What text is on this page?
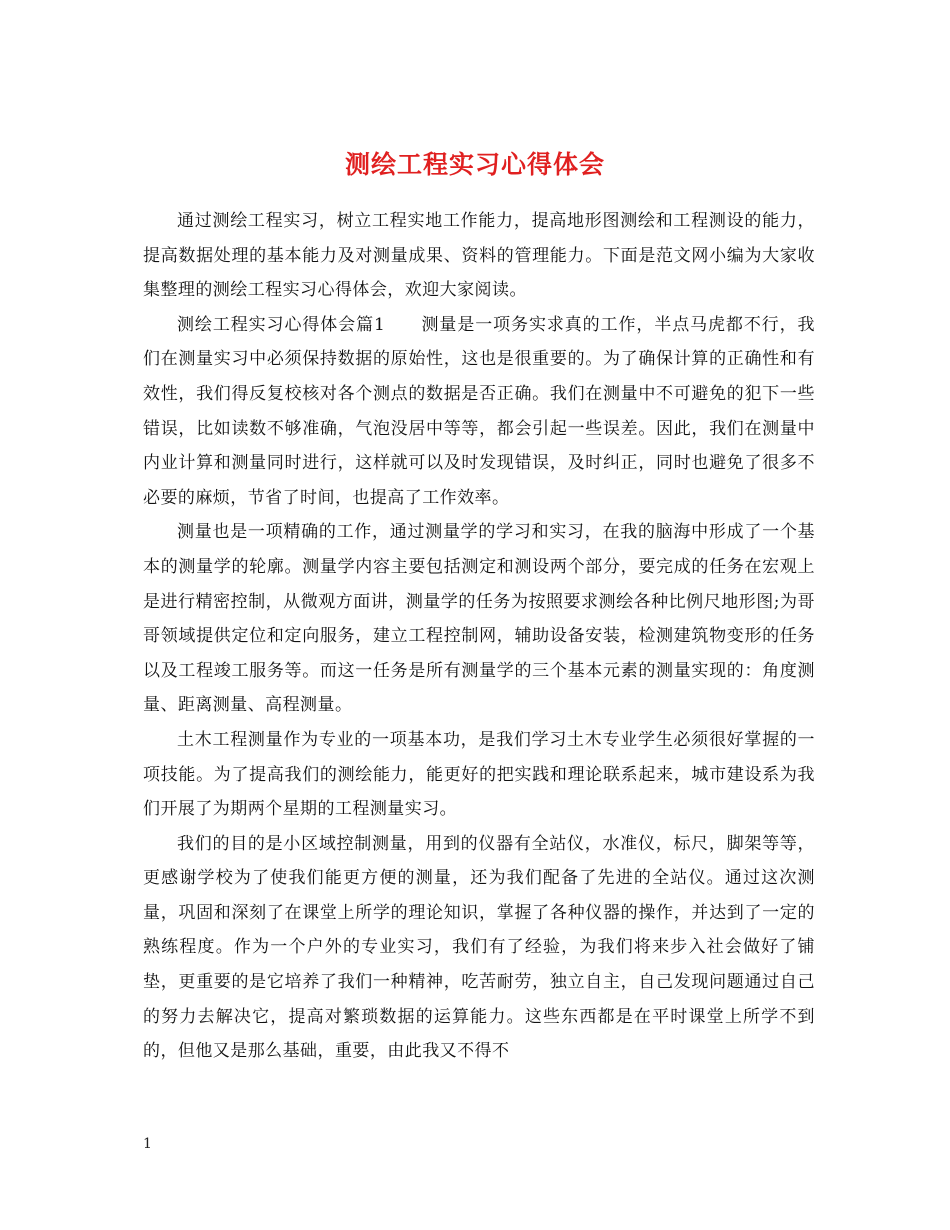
测绘工程实习心得体会

通过测绘工程实习，树立工程实地工作能力，提高地形图测绘和工程测设的能力，提高数据处理的基本能力及对测量成果、资料的管理能力。下面是范文网小编为大家收集整理的测绘工程实习心得体会，欢迎大家阅读。

测绘工程实习心得体会篇1　　测量是一项务实求真的工作，半点马虎都不行，我们在测量实习中必须保持数据的原始性，这也是很重要的。为了确保计算的正确性和有效性，我们得反复校核对各个测点的数据是否正确。我们在测量中不可避免的犯下一些错误，比如读数不够准确，气泡没居中等等，都会引起一些误差。因此，我们在测量中内业计算和测量同时进行，这样就可以及时发现错误，及时纠正，同时也避免了很多不必要的麻烦，节省了时间，也提高了工作效率。

测量也是一项精确的工作，通过测量学的学习和实习，在我的脑海中形成了一个基本的测量学的轮廓。测量学内容主要包括测定和测设两个部分，要完成的任务在宏观上是进行精密控制，从微观方面讲，测量学的任务为按照要求测绘各种比例尺地形图;为哥哥领域提供定位和定向服务，建立工程控制网，辅助设备安装，检测建筑物变形的任务以及工程竣工服务等。而这一任务是所有测量学的三个基本元素的测量实现的：角度测量、距离测量、高程测量。

土木工程测量作为专业的一项基本功，是我们学习土木专业学生必须很好掌握的一项技能。为了提高我们的测绘能力，能更好的把实践和理论联系起来，城市建设系为我们开展了为期两个星期的工程测量实习。

我们的目的是小区域控制测量，用到的仪器有全站仪，水准仪，标尺，脚架等等，更感谢学校为了使我们能更方便的测量，还为我们配备了先进的全站仪。通过这次测量，巩固和深刻了在课堂上所学的理论知识，掌握了各种仪器的操作，并达到了一定的熟练程度。作为一个户外的专业实习，我们有了经验，为我们将来步入社会做好了铺垫，更重要的是它培养了我们一种精神，吃苦耐劳，独立自主，自己发现问题通过自己的努力去解决它，提高对繁琐数据的运算能力。这些东西都是在平时课堂上所学不到的，但他又是那么基础，重要，由此我又不得不

1
